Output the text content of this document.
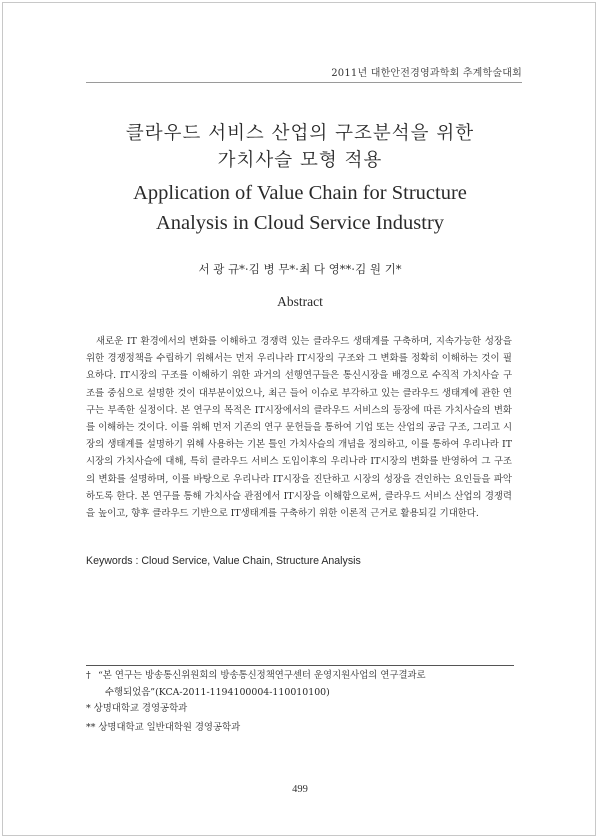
2011년 대한안전경영과학회 추계학술대회
클라우드 서비스 산업의 구조분석을 위한
가치사슬 모형 적용
Application of Value Chain for Structure
Analysis in Cloud Service Industry
서 광 규*⋅김 병 무*⋅최 다 영**⋅김 원 기*
Abstract
새로운 IT 환경에서의 변화를 이해하고 경쟁력 있는 클라우드 생태계를 구축하며, 지속가능한 성장을 위한 경쟁정책을 수립하기 위해서는 먼저 우리나라 IT시장의 구조와 그 변화를 정확히 이해하는 것이 필요하다. IT시장의 구조를 이해하기 위한 과거의 선행연구들은 통신시장을 배경으로 수직적 가치사슬 구조를 중심으로 설명한 것이 대부분이었으나, 최근 들어 이슈로 부각하고 있는 클라우드 생태계에 관한 연구는 부족한 실정이다. 본 연구의 목적은 IT시장에서의 클라우드 서비스의 등장에 따른 가치사슬의 변화를 이해하는 것이다. 이를 위해 먼저 기존의 연구 문헌들을 통하여 기업 또는 산업의 공급 구조, 그리고 시장의 생태계를 설명하기 위해 사용하는 기본 틀인 가치사슬의 개념을 정의하고, 이를 통하여 우리나라 IT시장의 가치사슬에 대해, 특히 클라우드 서비스 도입이후의 우리나라 IT시장의 변화를 반영하여 그 구조의 변화를 설명하며, 이를 바탕으로 우리나라 IT시장을 진단하고 시장의 성장을 견인하는 요인들을 파악하도록 한다. 본 연구를 통해 가치사슬 관점에서 IT시장을 이해함으로써, 클라우드 서비스 산업의 경쟁력을 높이고, 향후 클라우드 기반으로 IT생태계를 구축하기 위한 이론적 근거로 활용되길 기대한다.
Keywords : Cloud Service, Value Chain, Structure Analysis
† “본 연구는 방송통신위원회의 방송통신정책연구센터 운영지원사업의 연구결과로
수행되었음”(KCA-2011-1194100004-110010100)
* 상명대학교 경영공학과
** 상명대학교 일반대학원 경영공학과
499
